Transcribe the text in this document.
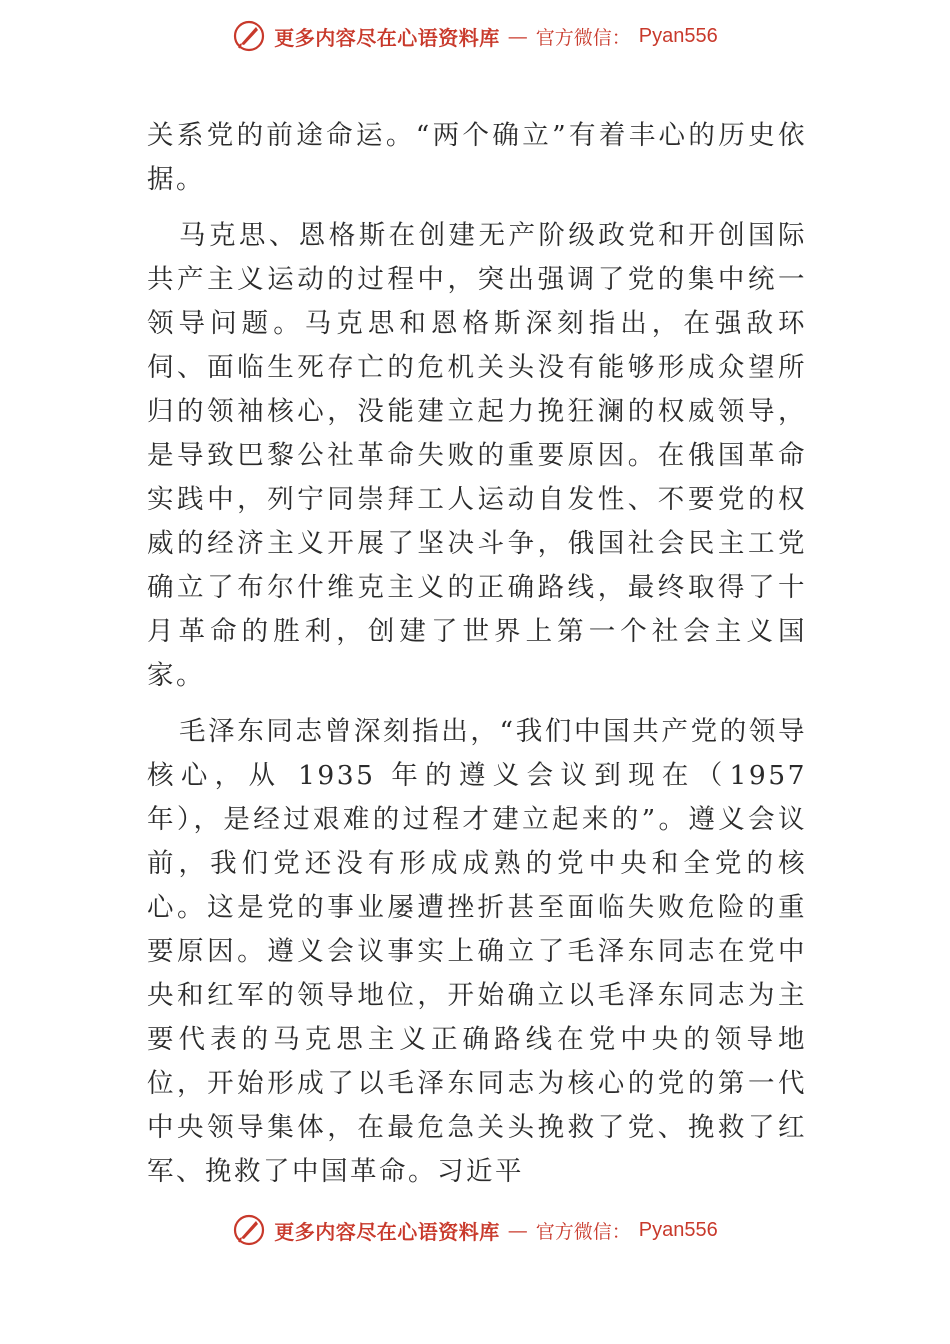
更多内容尽在心语资料库 — 官方微信： Pyan556

关系党的前途命运。“两个确立”有着丰心的历史依据。

马克思、恩格斯在创建无产阶级政党和开创国际共产主义运动的过程中，突出强调了党的集中统一领导问题。马克思和恩格斯深刻指出，在强敌环伺、面临生死存亡的危机关头没有能够形成众望所归的领袖核心，没能建立起力挽狂澜的权威领导，是导致巴黎公社革命失败的重要原因。在俄国革命实践中，列宁同崇拜工人运动自发性、不要党的权威的经济主义开展了坚决斗争，俄国社会民主工党确立了布尔什维克主义的正确路线，最终取得了十月革命的胜利，创建了世界上第一个社会主义国家。

毛泽东同志曾深刻指出，“我们中国共产党的领导核心，从 1935 年的遵义会议到现在（1957 年），是经过艰难的过程才建立起来的”。遵义会议前，我们党还没有形成成熟的党中央和全党的核心。这是党的事业屡遭挫折甚至面临失败危险的重要原因。遵义会议事实上确立了毛泽东同志在党中央和红军的领导地位，开始确立以毛泽东同志为主要代表的马克思主义正确路线在党中央的领导地位，开始形成了以毛泽东同志为核心的党的第一代中央领导集体，在最危急关头挽救了党、挽救了红军、挽救了中国革命。习近平

更多内容尽在心语资料库 — 官方微信： Pyan556
